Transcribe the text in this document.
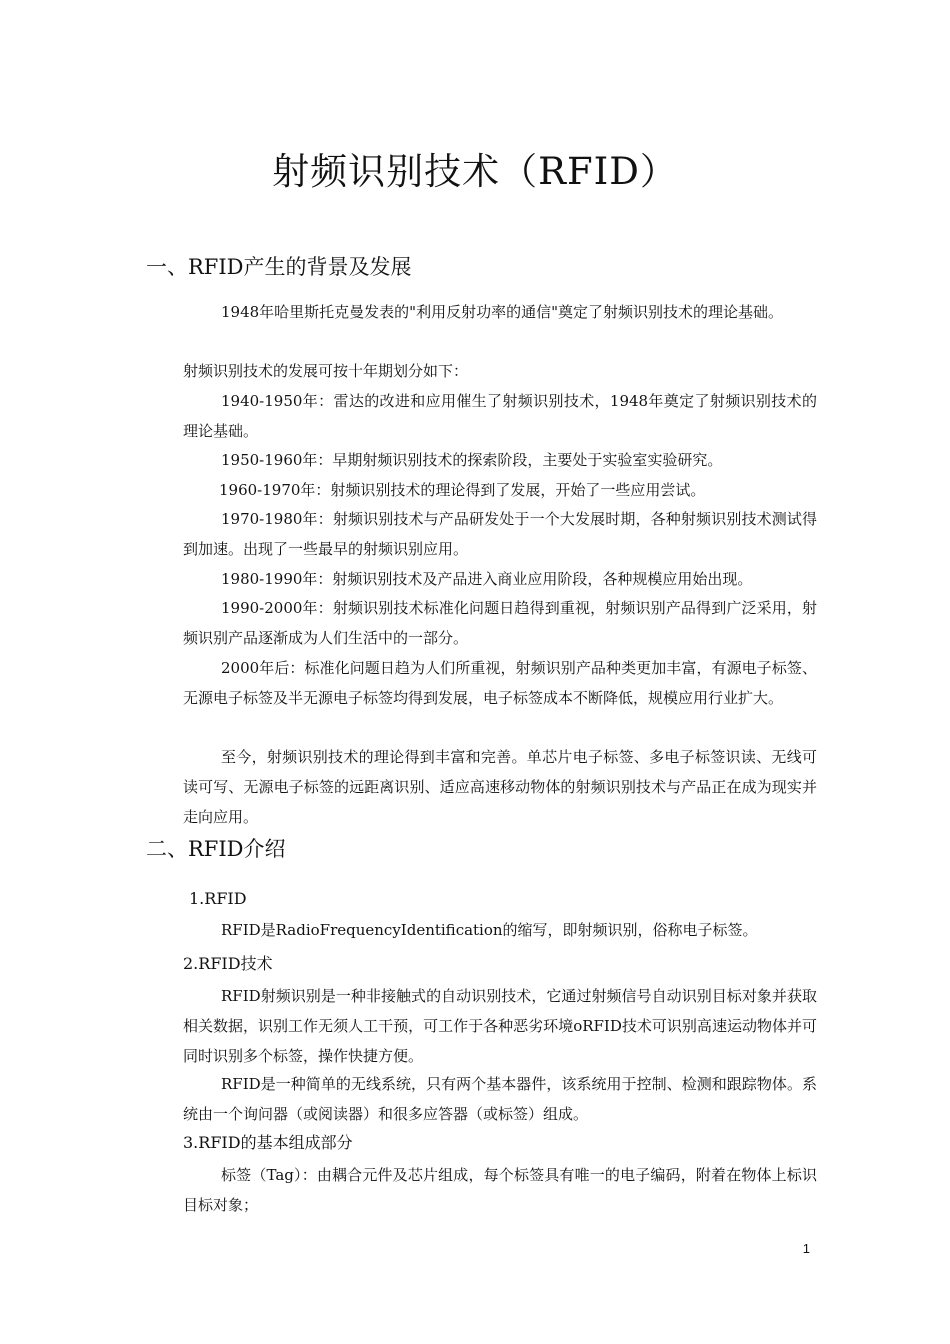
射频识别技术（RFID）
一、RFID产生的背景及发展
1948年哈里斯托克曼发表的"利用反射功率的通信"奠定了射频识别技术的理论基础。
射频识别技术的发展可按十年期划分如下：
1940-1950年：雷达的改进和应用催生了射频识别技术，1948年奠定了射频识别技术的理论基础。
1950-1960年：早期射频识别技术的探索阶段，主要处于实验室实验研究。
1960-1970年：射频识别技术的理论得到了发展，开始了一些应用尝试。
1970-1980年：射频识别技术与产品研发处于一个大发展时期，各种射频识别技术测试得到加速。出现了一些最早的射频识别应用。
1980-1990年：射频识别技术及产品进入商业应用阶段，各种规模应用始出现。
1990-2000年：射频识别技术标准化问题日趋得到重视，射频识别产品得到广泛采用，射频识别产品逐渐成为人们生活中的一部分。
2000年后：标准化问题日趋为人们所重视，射频识别产品种类更加丰富，有源电子标签、无源电子标签及半无源电子标签均得到发展，电子标签成本不断降低，规模应用行业扩大。
至今，射频识别技术的理论得到丰富和完善。单芯片电子标签、多电子标签识读、无线可读可写、无源电子标签的远距离识别、适应高速移动物体的射频识别技术与产品正在成为现实并走向应用。
二、RFID介绍
1.RFID
RFID是RadioFrequencyIdentification的缩写，即射频识别，俗称电子标签。
2.RFID技术
RFID射频识别是一种非接触式的自动识别技术，它通过射频信号自动识别目标对象并获取相关数据，识别工作无须人工干预，可工作于各种恶劣环境oRFID技术可识别高速运动物体并可同时识别多个标签，操作快捷方便。
RFID是一种简单的无线系统，只有两个基本器件，该系统用于控制、检测和跟踪物体。系统由一个询问器（或阅读器）和很多应答器（或标签）组成。
3.RFID的基本组成部分
标签（Tag）：由耦合元件及芯片组成，每个标签具有唯一的电子编码，附着在物体上标识目标对象；
1
